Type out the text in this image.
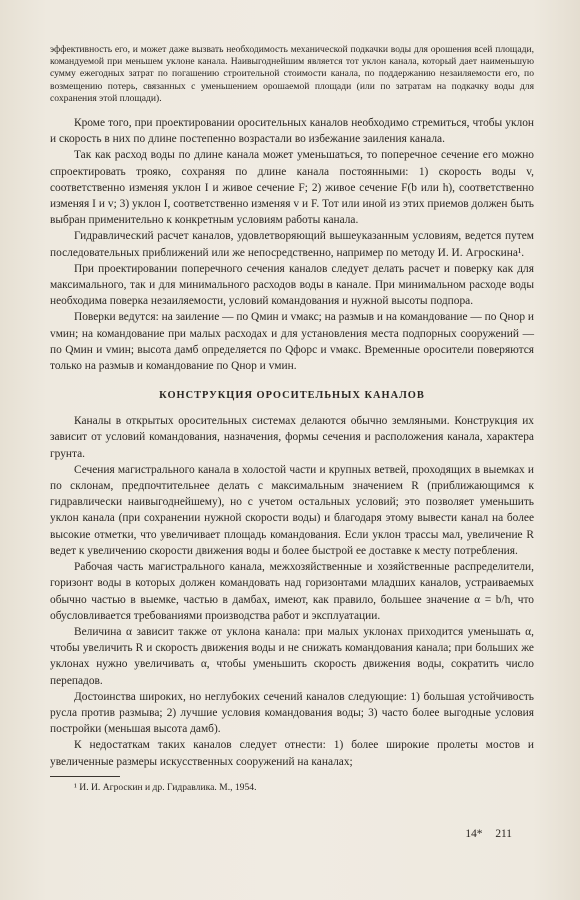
эффективность его, и может даже вызвать необходимость механической подкачки воды для орошения всей площади, командуемой при меньшем уклоне канала. Наивыгоднейшим является тот уклон канала, который дает наименьшую сумму ежегодных затрат по погашению строительной стоимости канала, по поддержанию незаиляемости его, по возмещению потерь, связанных с уменьшением орошаемой площади (или по затратам на подкачку воды для сохранения этой площади).

Кроме того, при проектировании оросительных каналов необходимо стремиться, чтобы уклон и скорость в них по длине постепенно возрастали во избежание заиления канала.

Так как расход воды по длине канала может уменьшаться, то поперечное сечение его можно спроектировать трояко, сохраняя по длине канала постоянными: 1) скорость воды v, соответственно изменяя уклон I и живое сечение F; 2) живое сечение F(b или h), соответственно изменяя I и v; 3) уклон I, соответственно изменяя v и F. Тот или иной из этих приемов должен быть выбран применительно к конкретным условиям работы канала.

Гидравлический расчет каналов, удовлетворяющий вышеуказанным условиям, ведется путем последовательных приближений или же непосредственно, например по методу И. И. Агроскина¹.

При проектировании поперечного сечения каналов следует делать расчет и поверку как для максимального, так и для минимального расходов воды в канале. При минимальном расходе воды необходима поверка незаиляемости, условий командования и нужной высоты подпора.

Поверки ведутся: на заиление — по Qмин и vмакс; на размыв и на командование — по Qнор и vмин; на командование при малых расходах и для установления места подпорных сооружений — по Qмин и vмин; высота дамб определяется по Qфорс и vмакс. Временные оросители поверяются только на размыв и командование по Qнор и vмин.

КОНСТРУКЦИЯ ОРОСИТЕЛЬНЫХ КАНАЛОВ

Каналы в открытых оросительных системах делаются обычно земляными. Конструкция их зависит от условий командования, назначения, формы сечения и расположения канала, характера грунта.

Сечения магистрального канала в холостой части и крупных ветвей, проходящих в выемках и по склонам, предпочтительнее делать с максимальным значением R (приближающимся к гидравлически наивыгоднейшему), но с учетом остальных условий; это позволяет уменьшить уклон канала (при сохранении нужной скорости воды) и благодаря этому вывести канал на более высокие отметки, что увеличивает площадь командования. Если уклон трассы мал, увеличение R ведет к увеличению скорости движения воды и более быстрой ее доставке к месту потребления.

Рабочая часть магистрального канала, межхозяйственные и хозяйственные распределители, горизонт воды в которых должен командовать над горизонтами младших каналов, устраиваемых обычно частью в выемке, частью в дамбах, имеют, как правило, большее значение α = b/h, что обусловливается требованиями производства работ и эксплуатации.

Величина α зависит также от уклона канала: при малых уклонах приходится уменьшать α, чтобы увеличить R и скорость движения воды и не снижать командования канала; при больших же уклонах нужно увеличивать α, чтобы уменьшить скорость движения воды, сократить число перепадов.

Достоинства широких, но неглубоких сечений каналов следующие: 1) большая устойчивость русла против размыва; 2) лучшие условия командования воды; 3) часто более выгодные условия постройки (меньшая высота дамб).

К недостаткам таких каналов следует отнести: 1) более широкие пролеты мостов и увеличенные размеры искусственных сооружений на каналах;

¹ И. И. Агроскин и др. Гидравлика. М., 1954.

14* 211
